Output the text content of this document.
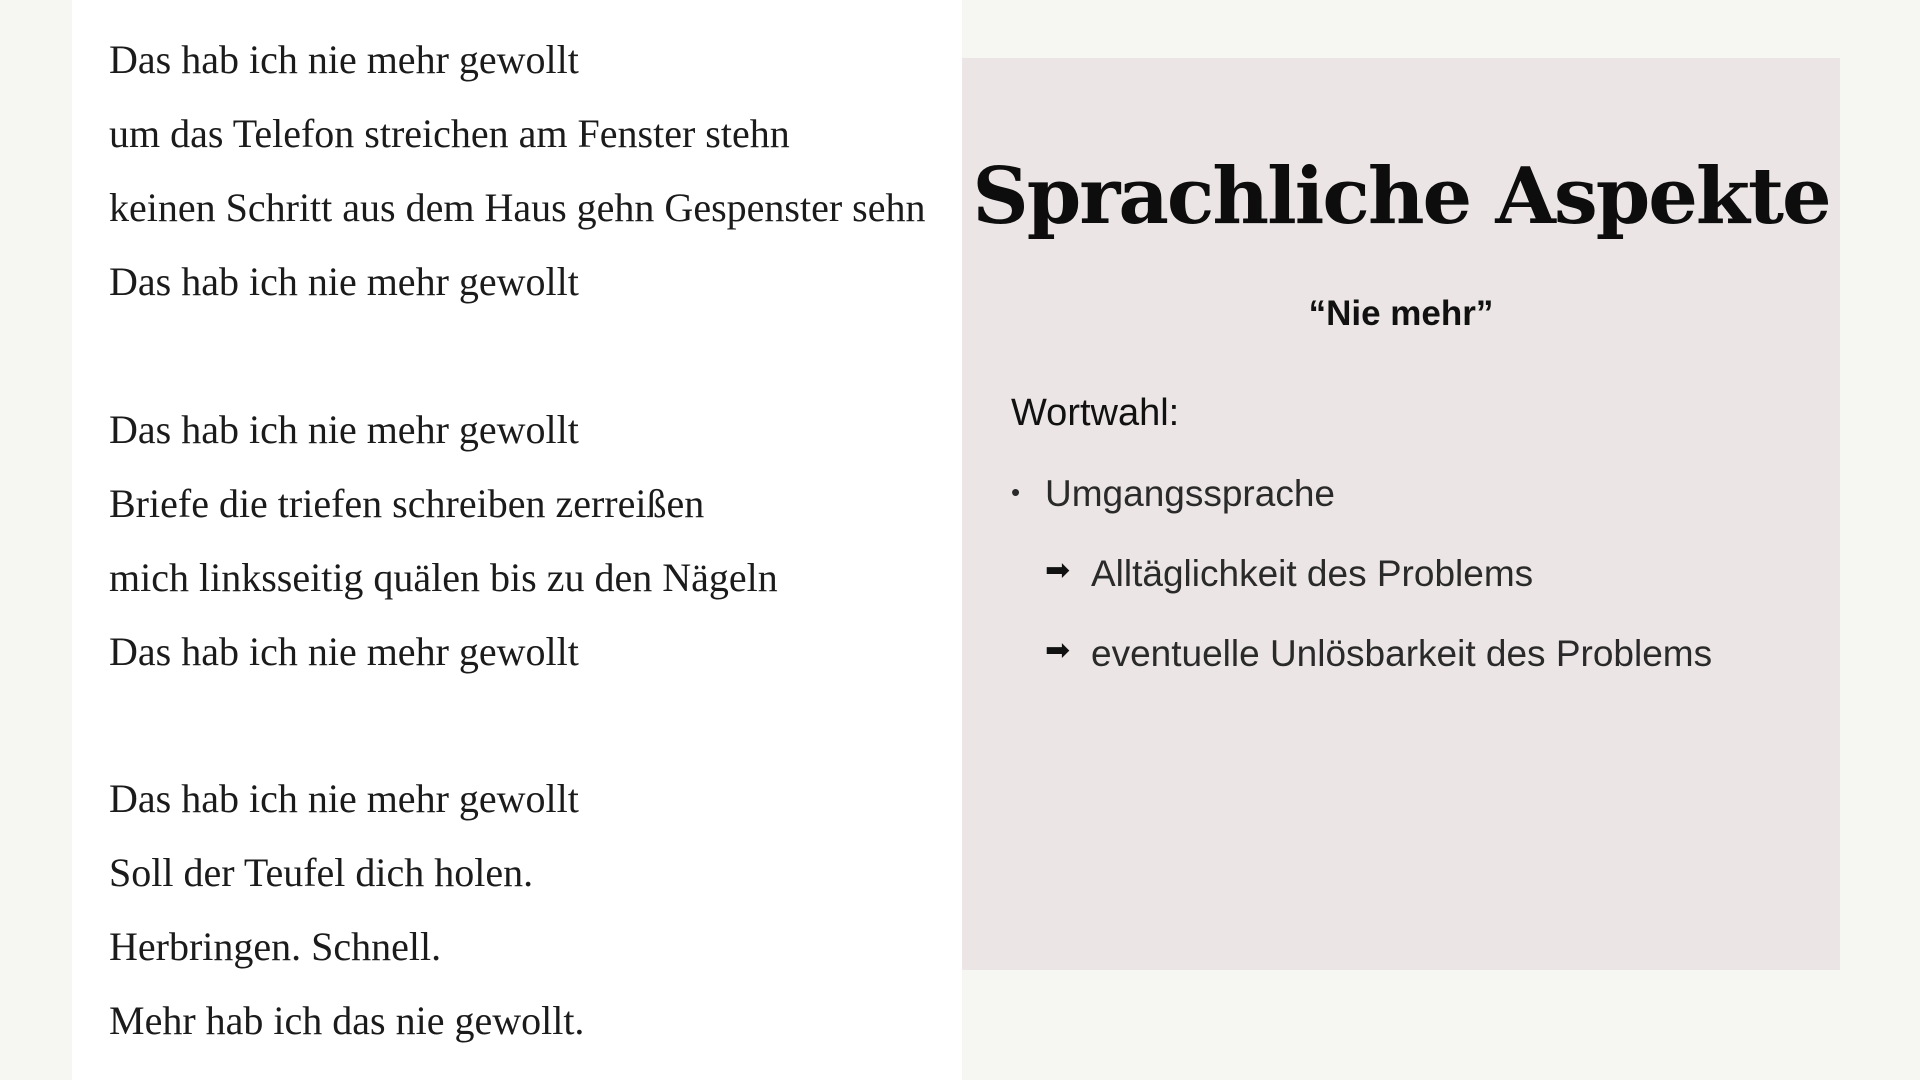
Das hab ich nie mehr gewollt
um das Telefon streichen am Fenster stehn
keinen Schritt aus dem Haus gehn Gespenster sehn
Das hab ich nie mehr gewollt
Das hab ich nie mehr gewollt
Briefe die triefen schreiben zerreißen
mich linksseitig quälen bis zu den Nägeln
Das hab ich nie mehr gewollt
Das hab ich nie mehr gewollt
Soll der Teufel dich holen.
Herbringen. Schnell.
Mehr hab ich das nie gewollt.
Sprachliche Aspekte
“Nie mehr”
Wortwahl:
• Umgangssprache
➡ Alltäglichkeit des Problems
➡ eventuelle Unlösbarkeit des Problems
